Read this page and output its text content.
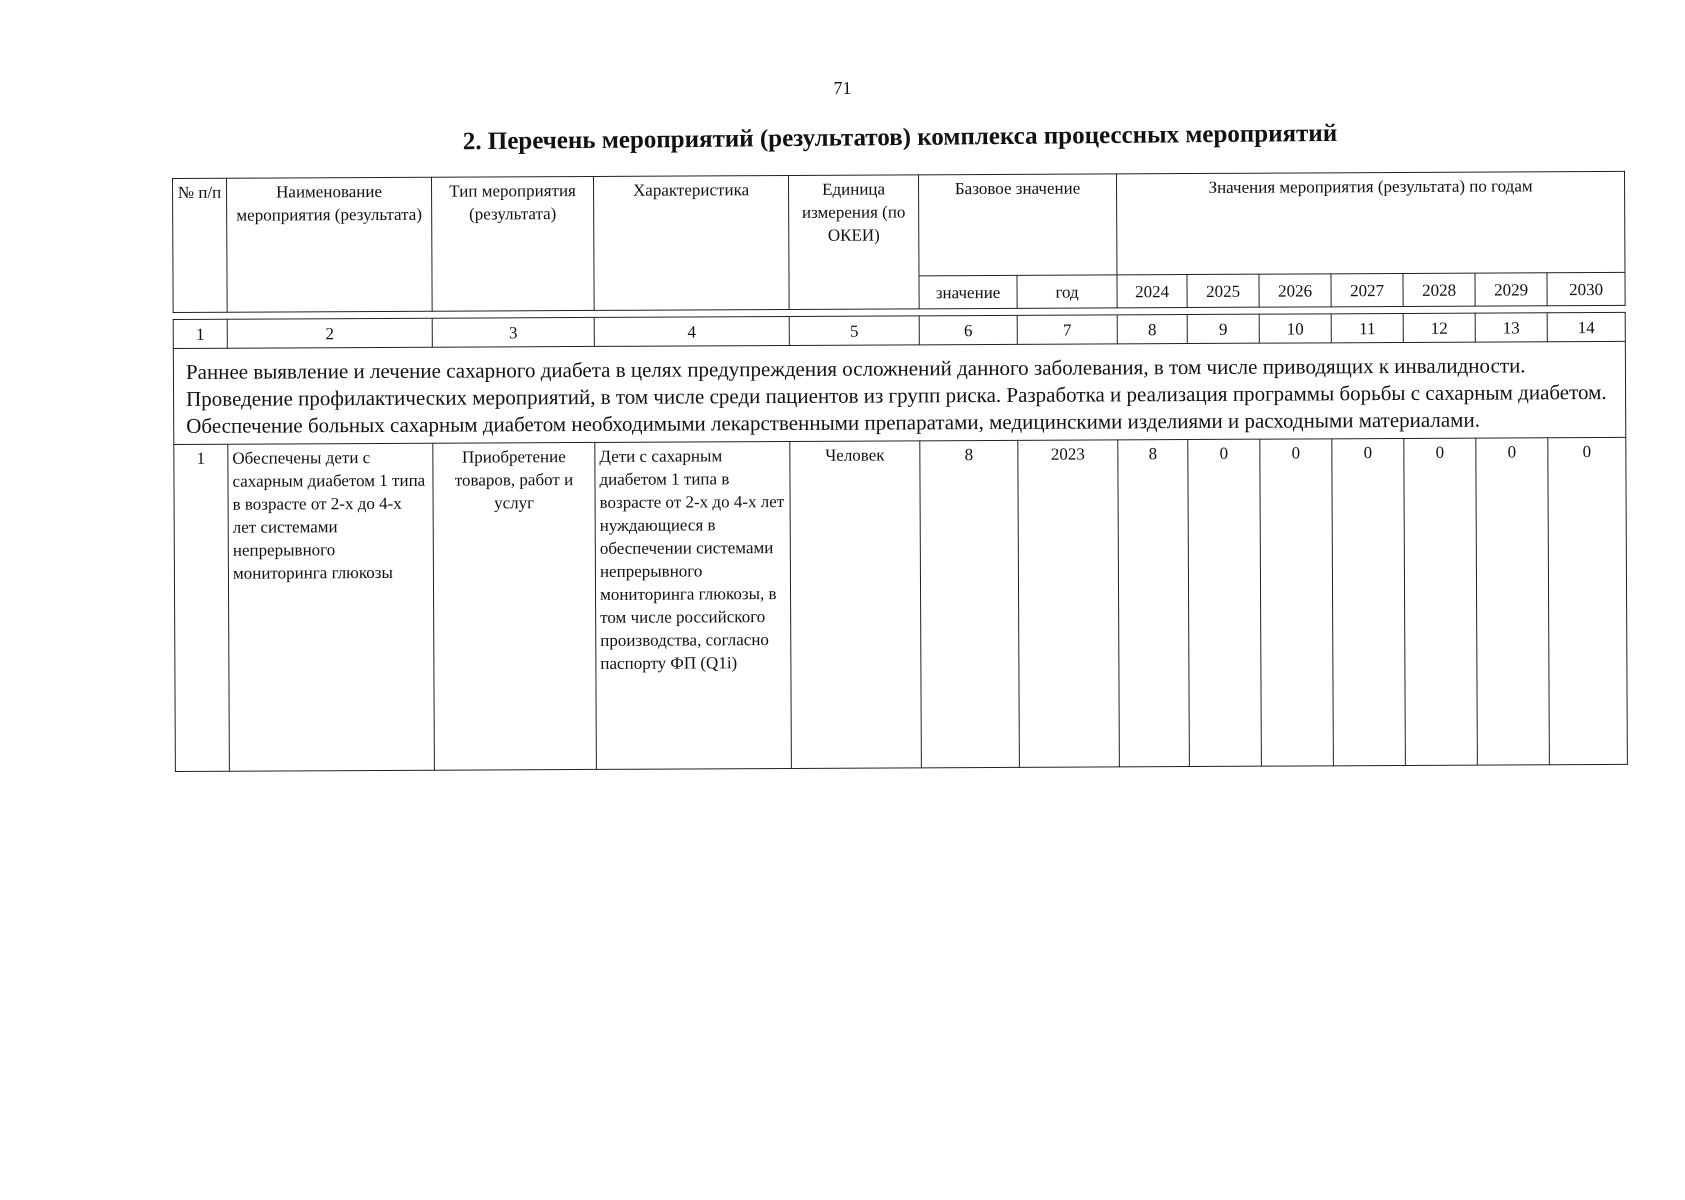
71
2. Перечень мероприятий (результатов) комплекса процессных мероприятий
№ п/п	Наименование мероприятия (результата)	Тип мероприятия (результата)	Характеристика	Единица измерения (по ОКЕИ)	Базовое значение		Значения мероприятия (результата) по годам						
					значение	год	2024	2025	2026	2027	2028	2029	2030

1	2	3	4	5	6	7	8	9	10	11	12	13	14
Раннее выявление и лечение сахарного диабета в целях предупреждения осложнений данного заболевания, в том числе приводящих к инвалидности. Проведение профилактических мероприятий, в том числе среди пациентов из групп риска. Разработка и реализация программы борьбы с сахарным диабетом. Обеспечение больных сахарным диабетом необходимыми лекарственными препаратами, медицинскими изделиями и расходными материалами.													
1	Обеспечены дети с сахарным диабетом 1 типа в возрасте от 2-х до 4-х лет системами непрерывного мониторинга глюкозы	Приобретение товаров, работ и услуг	Дети с сахарным диабетом 1 типа в возрасте от 2-х до 4-х лет нуждающиеся в обеспечении системами непрерывного мониторинга глюкозы, в том числе российского производства, согласно паспорту ФП (Q1i)	Человек	8	2023	8	0	0	0	0	0	0
